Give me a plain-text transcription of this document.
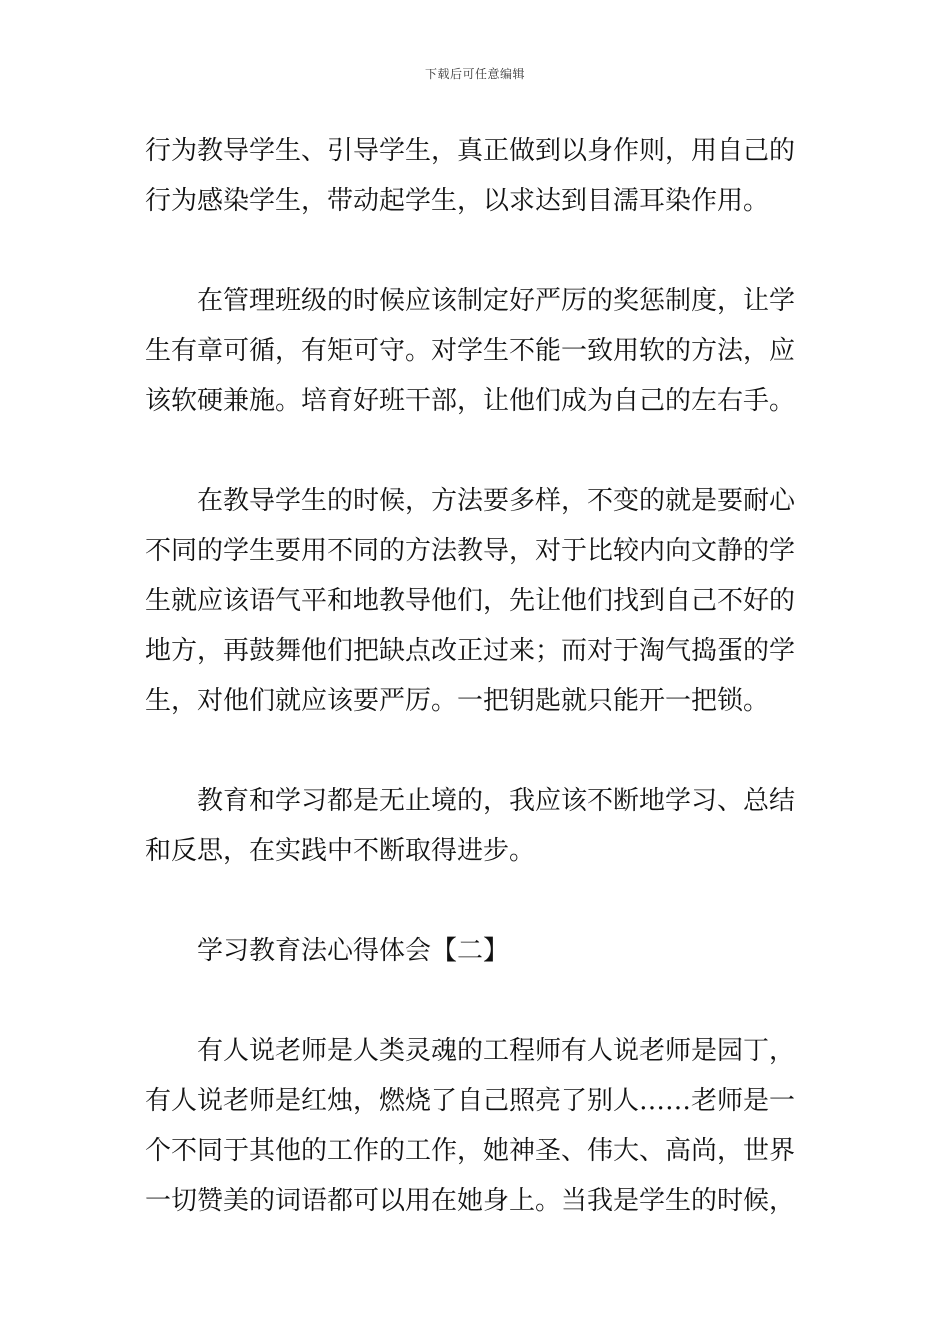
下载后可任意编辑

行为教导学生、引导学生，真正做到以身作则，用自己的
行为感染学生，带动起学生，以求达到目濡耳染作用。

在管理班级的时候应该制定好严厉的奖惩制度，让学
生有章可循，有矩可守。对学生不能一致用软的方法，应
该软硬兼施。培育好班干部，让他们成为自己的左右手。

在教导学生的时候，方法要多样，不变的就是要耐心
不同的学生要用不同的方法教导，对于比较内向文静的学
生就应该语气平和地教导他们，先让他们找到自己不好的
地方，再鼓舞他们把缺点改正过来；而对于淘气捣蛋的学
生，对他们就应该要严厉。一把钥匙就只能开一把锁。

教育和学习都是无止境的，我应该不断地学习、总结
和反思，在实践中不断取得进步。

学习教育法心得体会【二】

有人说老师是人类灵魂的工程师有人说老师是园丁，
有人说老师是红烛，燃烧了自己照亮了别人……老师是一
个不同于其他的工作的工作，她神圣、伟大、高尚，世界
一切赞美的词语都可以用在她身上。当我是学生的时候，
